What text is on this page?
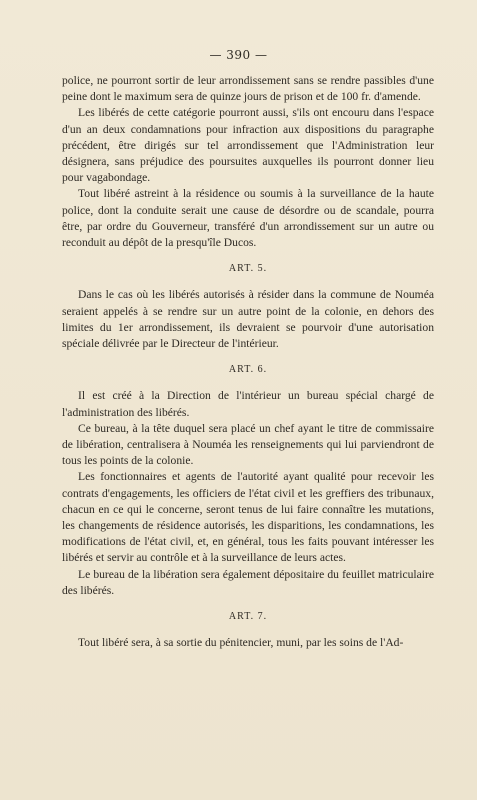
— 390 —

police, ne pourront sortir de leur arrondissement sans se rendre passibles d'une peine dont le maximum sera de quinze jours de prison et de 100 fr. d'amende.

Les libérés de cette catégorie pourront aussi, s'ils ont encouru dans l'espace d'un an deux condamnations pour infraction aux dispositions du paragraphe précédent, être dirigés sur tel arrondissement que l'Administration leur désignera, sans préjudice des poursuites auxquelles ils pourront donner lieu pour vagabondage.

Tout libéré astreint à la résidence ou soumis à la surveillance de la haute police, dont la conduite serait une cause de désordre ou de scandale, pourra être, par ordre du Gouverneur, transféré d'un arrondissement sur un autre ou reconduit au dépôt de la presqu'île Ducos.

ART. 5.

Dans le cas où les libérés autorisés à résider dans la commune de Nouméa seraient appelés à se rendre sur un autre point de la colonie, en dehors des limites du 1er arrondissement, ils devraient se pourvoir d'une autorisation spéciale délivrée par le Directeur de l'intérieur.

ART. 6.

Il est créé à la Direction de l'intérieur un bureau spécial chargé de l'administration des libérés.

Ce bureau, à la tête duquel sera placé un chef ayant le titre de commissaire de libération, centralisera à Nouméa les renseignements qui lui parviendront de tous les points de la colonie.

Les fonctionnaires et agents de l'autorité ayant qualité pour recevoir les contrats d'engagements, les officiers de l'état civil et les greffiers des tribunaux, chacun en ce qui le concerne, seront tenus de lui faire connaître les mutations, les changements de résidence autorisés, les disparitions, les condamnations, les modifications de l'état civil, et, en général, tous les faits pouvant intéresser les libérés et servir au contrôle et à la surveillance de leurs actes.

Le bureau de la libération sera également dépositaire du feuillet matriculaire des libérés.

ART. 7.

Tout libéré sera, à sa sortie du pénitencier, muni, par les soins de l'Ad-
